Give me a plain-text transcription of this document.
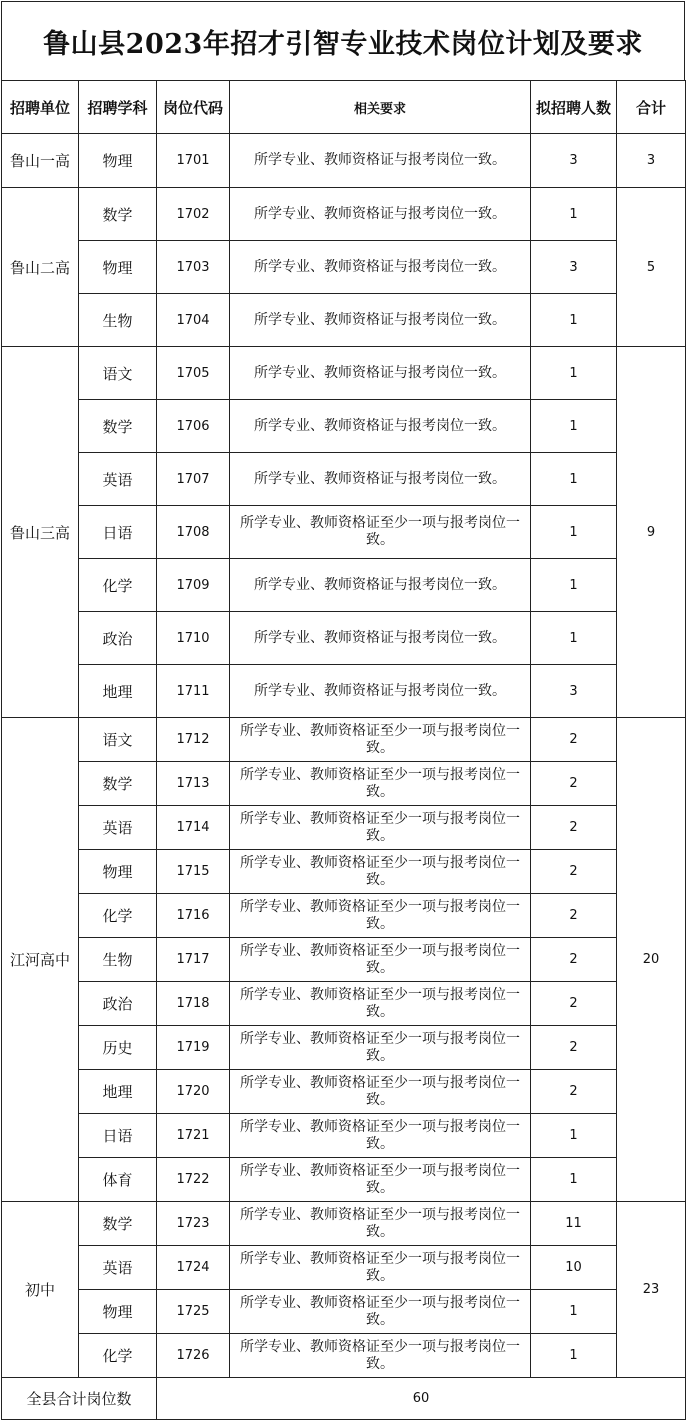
鲁山县2023年招才引智专业技术岗位计划及要求
招聘单位	招聘学科	岗位代码	相关要求	拟招聘人数	合计
鲁山一高	物理	1701	所学专业、教师资格证与报考岗位一致。	3	3
鲁山二高	数学	1702	所学专业、教师资格证与报考岗位一致。	1	5
	物理	1703	所学专业、教师资格证与报考岗位一致。	3	
	生物	1704	所学专业、教师资格证与报考岗位一致。	1	
鲁山三高	语文	1705	所学专业、教师资格证与报考岗位一致。	1	9
	数学	1706	所学专业、教师资格证与报考岗位一致。	1	
	英语	1707	所学专业、教师资格证与报考岗位一致。	1	
	日语	1708	所学专业、教师资格证至少一项与报考岗位一致。	1	
	化学	1709	所学专业、教师资格证与报考岗位一致。	1	
	政治	1710	所学专业、教师资格证与报考岗位一致。	1	
	地理	1711	所学专业、教师资格证与报考岗位一致。	3	
江河高中	语文	1712	所学专业、教师资格证至少一项与报考岗位一致。	2	20
	数学	1713	所学专业、教师资格证至少一项与报考岗位一致。	2	
	英语	1714	所学专业、教师资格证至少一项与报考岗位一致。	2	
	物理	1715	所学专业、教师资格证至少一项与报考岗位一致。	2	
	化学	1716	所学专业、教师资格证至少一项与报考岗位一致。	2	
	生物	1717	所学专业、教师资格证至少一项与报考岗位一致。	2	
	政治	1718	所学专业、教师资格证至少一项与报考岗位一致。	2	
	历史	1719	所学专业、教师资格证至少一项与报考岗位一致。	2	
	地理	1720	所学专业、教师资格证至少一项与报考岗位一致。	2	
	日语	1721	所学专业、教师资格证至少一项与报考岗位一致。	1	
	体育	1722	所学专业、教师资格证至少一项与报考岗位一致。	1	
初中	数学	1723	所学专业、教师资格证至少一项与报考岗位一致。	11	23
	英语	1724	所学专业、教师资格证至少一项与报考岗位一致。	10	
	物理	1725	所学专业、教师资格证至少一项与报考岗位一致。	1	
	化学	1726	所学专业、教师资格证至少一项与报考岗位一致。	1	
全县合计岗位数		60			
